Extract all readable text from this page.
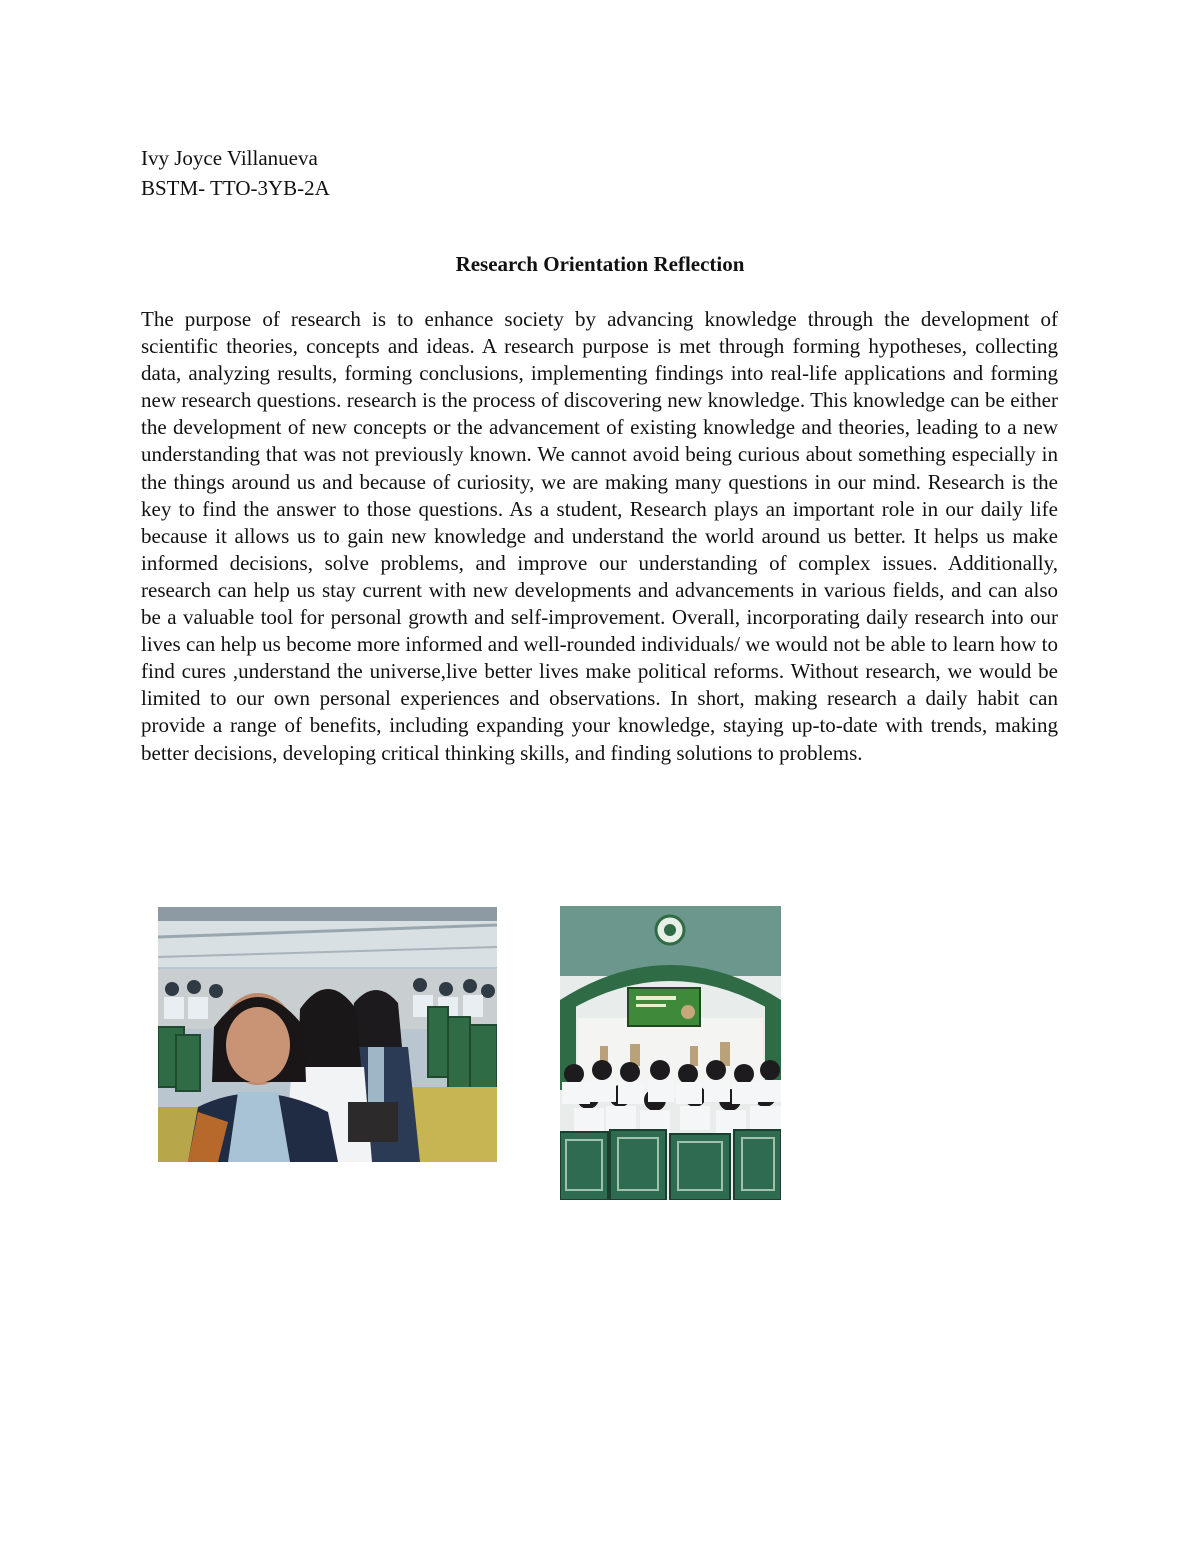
Ivy Joyce Villanueva
BSTM- TTO-3YB-2A
Research Orientation Reflection

The purpose of research is to enhance society by advancing knowledge through the development of scientific theories, concepts and ideas. A research purpose is met through forming hypotheses, collecting data, analyzing results, forming conclusions, implementing findings into real-life applications and forming new research questions. research is the process of discovering new knowledge. This knowledge can be either the development of new concepts or the advancement of existing knowledge and theories, leading to a new understanding that was not previously known. We cannot avoid being curious about something especially in the things around us and because of curiosity, we are making many questions in our mind. Research is the key to find the answer to those questions. As a student, Research plays an important role in our daily life because it allows us to gain new knowledge and understand the world around us better. It helps us make informed decisions, solve problems, and improve our understanding of complex issues. Additionally, research can help us stay current with new developments and advancements in various fields, and can also be a valuable tool for personal growth and self-improvement. Overall, incorporating daily research into our lives can help us become more informed and well-rounded individuals/ we would not be able to learn how to find cures ,understand the universe,live better lives make political reforms. Without research, we would be limited to our own personal experiences and observations. In short, making research a daily habit can provide a range of benefits, including expanding your knowledge, staying up-to-date with trends, making better decisions, developing critical thinking skills, and finding solutions to problems.
